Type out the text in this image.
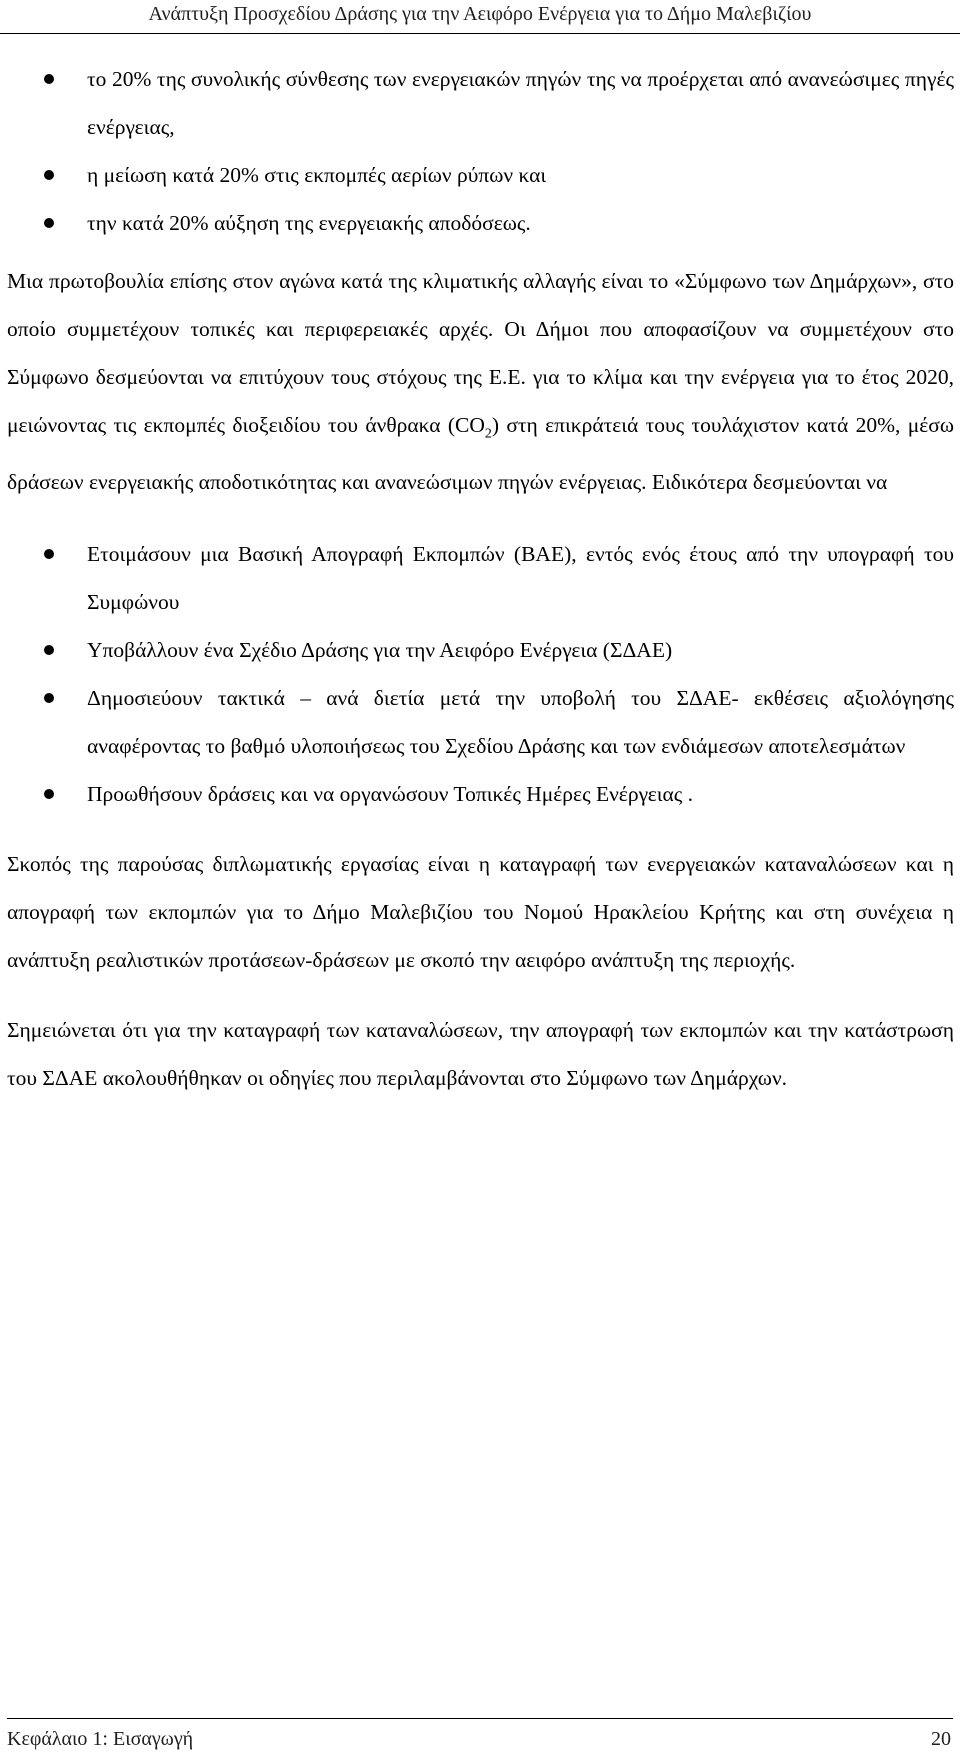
Ανάπτυξη Προσχεδίου Δράσης για την Αειφόρο Ενέργεια για το Δήμο Μαλεβιζίου
το 20% της συνολικής σύνθεσης των ενεργειακών πηγών της να προέρχεται από ανανεώσιμες πηγές ενέργειας,
η μείωση κατά 20% στις εκπομπές αερίων ρύπων και
την κατά 20% αύξηση της ενεργειακής αποδόσεως.

Μια πρωτοβουλία επίσης στον αγώνα κατά της κλιματικής αλλαγής είναι το «Σύμφωνο των Δημάρχων», στο οποίο συμμετέχουν τοπικές και περιφερειακές αρχές. Οι Δήμοι που αποφασίζουν να συμμετέχουν στο Σύμφωνο δεσμεύονται να επιτύχουν τους στόχους της Ε.Ε. για το κλίμα και την ενέργεια για το έτος 2020, μειώνοντας τις εκπομπές διοξειδίου του άνθρακα $(CO_2)$ στη επικράτειά τους τουλάχιστον κατά 20%, μέσω δράσεων ενεργειακής αποδοτικότητας και ανανεώσιμων πηγών ενέργειας. Ειδικότερα δεσμεύονται να

Ετοιμάσουν μια Βασική Απογραφή Εκπομπών (ΒΑΕ), εντός ενός έτους από την υπογραφή του Συμφώνου
Υποβάλλουν ένα Σχέδιο Δράσης για την Αειφόρο Ενέργεια (ΣΔΑΕ)
Δημοσιεύουν τακτικά – ανά διετία μετά την υποβολή του ΣΔΑΕ- εκθέσεις αξιολόγησης αναφέροντας το βαθμό υλοποιήσεως του Σχεδίου Δράσης και των ενδιάμεσων αποτελεσμάτων
Προωθήσουν δράσεις και να οργανώσουν Τοπικές Ημέρες Ενέργειας .

Σκοπός της παρούσας διπλωματικής εργασίας είναι η καταγραφή των ενεργειακών καταναλώσεων και η απογραφή των εκπομπών για το Δήμο Μαλεβιζίου του Νομού Ηρακλείου Κρήτης και στη συνέχεια η ανάπτυξη ρεαλιστικών προτάσεων-δράσεων με σκοπό την αειφόρο ανάπτυξη της περιοχής.

Σημειώνεται ότι για την καταγραφή των καταναλώσεων, την απογραφή των εκπομπών και την κατάστρωση του ΣΔΑΕ ακολουθήθηκαν οι οδηγίες που περιλαμβάνονται στο Σύμφωνο των Δημάρχων.

Κεφάλαιο 1: Εισαγωγή	20
